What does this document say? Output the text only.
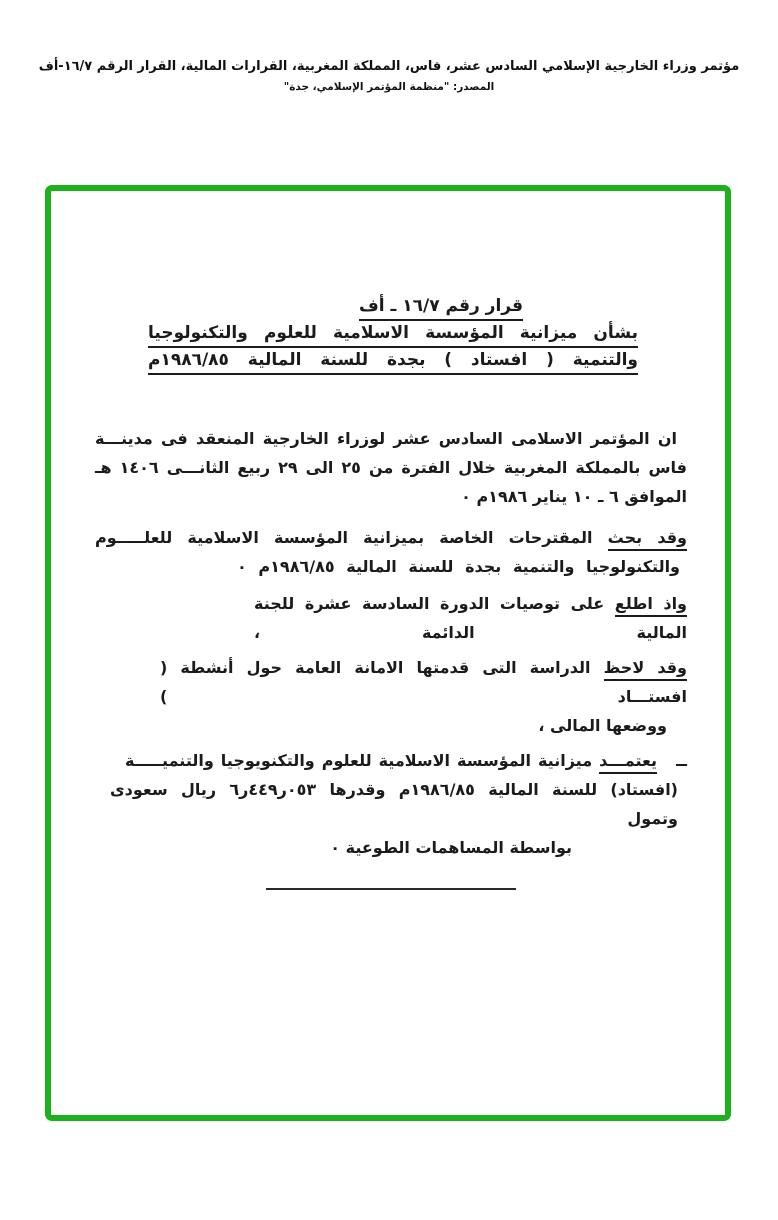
مؤتمر وزراء الخارجية الإسلامي السادس عشر، فاس، المملكة المغربية، القرارات المالية، القرار الرقم ١٦/٧-أف
المصدر: "منظمة المؤتمر الإسلامي، جدة"
قرار رقم ١٦/٧ ـ أف
بشأن ميزانية المؤسسة الاسلامية للعلوم والتكنولوجيا
والتنمية ( افستاد ) بجدة للسنة المالية ١٩٨٦/٨٥م
ان المؤتمر الاسلامى السادس عشر لوزراء الخارجية المنعقد فى مدينـــة
فاس بالمملكة المغربية خلال الفترة من ٢٥ الى ٢٩ ربيع الثانـــى ١٤٠٦ هـ
الموافق ٦ ـ ١٠ يناير ١٩٨٦م ٠
وقد بحث المقترحات الخاصة بميزانية المؤسسة الاسلامية للعلـــــوم
والتكنولوجيا والتنمية بجدة للسنة المالية ١٩٨٦/٨٥م ٠
واذ اطلع على توصيات الدورة السادسة عشرة للجنة المالية الدائمة ،
وقد لاحظ الدراسة التى قدمتها الامانة العامة حول أنشطة ( افستـــاد )
ووضعها المالى ،
ــ يعتمـــد ميزانية المؤسسة الاسلامية للعلوم والتكنويوجيا والتنميـــــة
(افستاد) للسنة المالية ١٩٨٦/٨٥م وقدرها ٠٥٣ر٤٤٩ر٦ ريال سعودى وتمول
بواسطة المساهمات الطوعية ٠
